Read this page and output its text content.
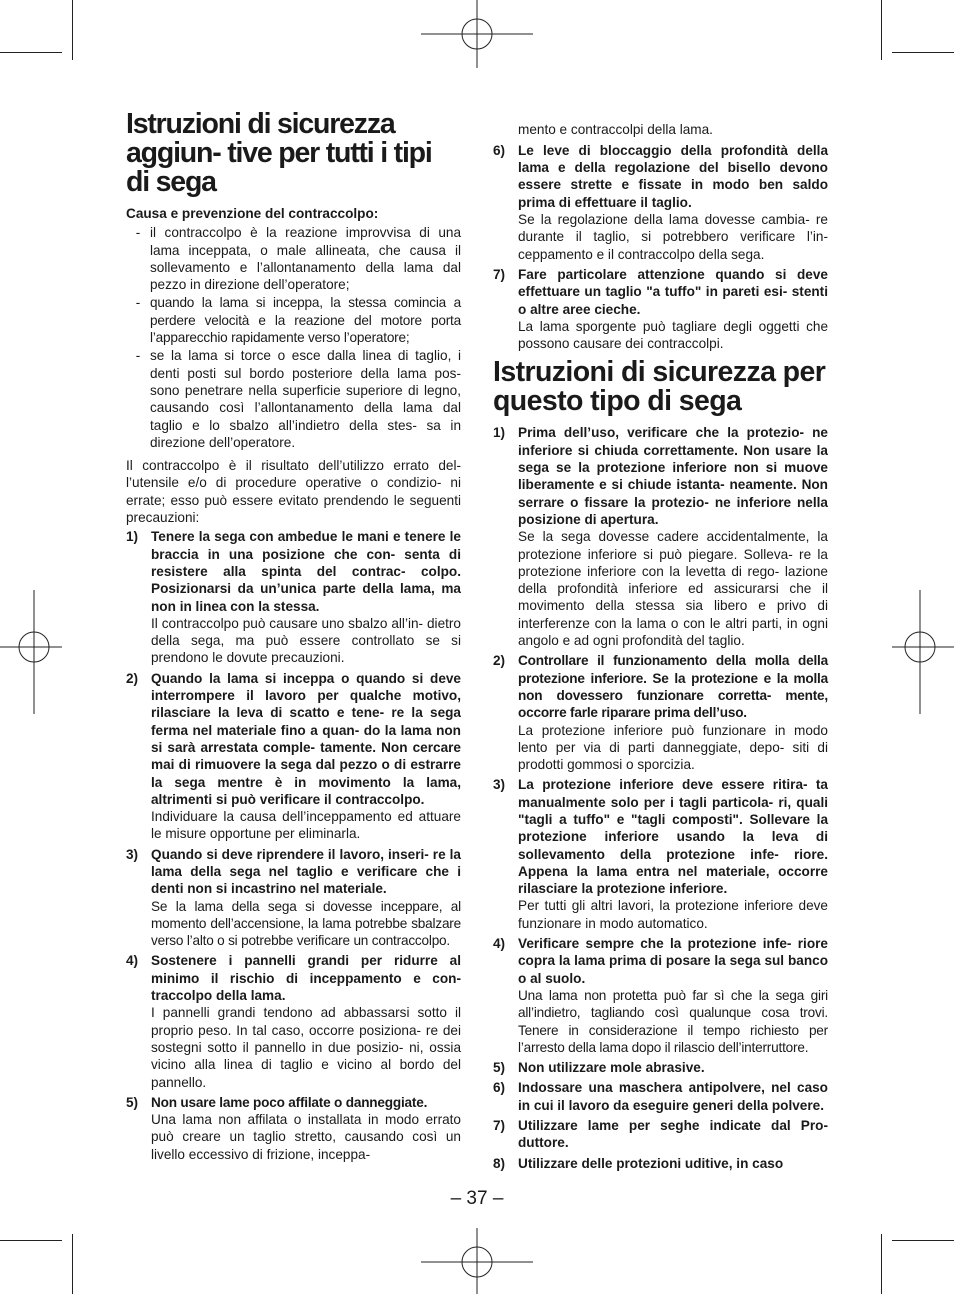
Istruzioni di sicurezza aggiun- tive per tutti i tipi di sega

Causa e prevenzione del contraccolpo:

- il contraccolpo è la reazione improvvisa di una lama inceppata, o male allineata, che causa il sollevamento e l’allontanamento della lama dal pezzo in direzione dell’operatore;
- quando la lama si inceppa, la stessa comincia a perdere velocità e la reazione del motore porta l’apparecchio rapidamente verso l’operatore;
- se la lama si torce o esce dalla linea di taglio, i denti posti sul bordo posteriore della lama pos- sono penetrare nella superficie superiore di legno, causando così l’allontanamento della lama dal taglio e lo sbalzo all’indietro della stes- sa in direzione dell’operatore.

Il contraccolpo è il risultato dell’utilizzo errato del- l’utensile e/o di procedure operative o condizio- ni errate; esso può essere evitato prendendo le seguenti precauzioni:

1) Tenere la sega con ambedue le mani e tenere le braccia in una posizione che con- senta di resistere alla spinta del contrac- colpo. Posizionarsi da un’unica parte della lama, ma non in linea con la stessa.

Il contraccolpo può causare uno sbalzo all’in- dietro della sega, ma può essere controllato se si prendono le dovute precauzioni.

2) Quando la lama si inceppa o quando si deve interrompere il lavoro per qualche motivo, rilasciare la leva di scatto e tene- re la sega ferma nel materiale fino a quan- do la lama non si sarà arrestata comple- tamente. Non cercare mai di rimuovere la sega dal pezzo o di estrarre la sega mentre è in movimento la lama, altrimenti si può verificare il contraccolpo.

Individuare la causa dell’inceppamento ed attuare le misure opportune per eliminarla.

3) Quando si deve riprendere il lavoro, inseri- re la lama della sega nel taglio e verificare che i denti non si incastrino nel materiale.

Se la lama della sega si dovesse inceppare, al momento dell’accensione, la lama potrebbe sbalzare verso l’alto o si potrebbe verificare un contraccolpo.

4) Sostenere i pannelli grandi per ridurre al minimo il rischio di inceppamento e con- traccolpo della lama.

I pannelli grandi tendono ad abbassarsi sotto il proprio peso. In tal caso, occorre posiziona- re dei sostegni sotto il pannello in due posizio- ni, ossia vicino alla linea di taglio e vicino al bordo del pannello.

5) Non usare lame poco affilate o danneggiate.

Una lama non affilata o installata in modo errato può creare un taglio stretto, causando così un livello eccessivo di frizione, inceppa-

mento e contraccolpi della lama.

6) Le leve di bloccaggio della profondità della lama e della regolazione del bisello devono essere strette e fissate in modo ben saldo prima di effettuare il taglio.

Se la regolazione della lama dovesse cambia- re durante il taglio, si potrebbero verificare l’in- ceppamento e il contraccolpo della sega.

7) Fare particolare attenzione quando si deve effettuare un taglio "a tuffo" in pareti esi- stenti o altre aree cieche.

La lama sporgente può tagliare degli oggetti che possono causare dei contraccolpi.

Istruzioni di sicurezza per questo tipo di sega
1) Prima dell’uso, verificare che la protezio- ne inferiore si chiuda correttamente. Non usare la sega se la protezione inferiore non si muove liberamente e si chiude istanta- neamente. Non serrare o fissare la protezio- ne inferiore nella posizione di apertura.

Se la sega dovesse cadere accidentalmente, la protezione inferiore si può piegare. Solleva- re la protezione inferiore con la levetta di rego- lazione della profondità inferiore ed assicurarsi che il movimento della stessa sia libero e privo di interferenze con la lama o con le altri parti, in ogni angolo e ad ogni profondità del taglio.

2) Controllare il funzionamento della molla della protezione inferiore. Se la protezione e la molla non dovessero funzionare corretta- mente, occorre farle riparare prima dell’uso.

La protezione inferiore può funzionare in modo lento per via di parti danneggiate, depo- siti di prodotti gommosi o sporcizia.

3) La protezione inferiore deve essere ritira- ta manualmente solo per i tagli particola- ri, quali "tagli a tuffo" e "tagli composti". Sollevare la protezione inferiore usando la leva di sollevamento della protezione infe- riore. Appena la lama entra nel materiale, occorre rilasciare la protezione inferiore.

Per tutti gli altri lavori, la protezione inferiore deve funzionare in modo automatico.

4) Verificare sempre che la protezione infe- riore copra la lama prima di posare la sega sul banco o al suolo.

Una lama non protetta può far sì che la sega giri all’indietro, tagliando così qualunque cosa trovi. Tenere in considerazione il tempo richiesto per l’arresto della lama dopo il rilascio dell’interruttore.

5) Non utilizzare mole abrasive.

6) Indossare una maschera antipolvere, nel caso in cui il lavoro da eseguire generi della polvere.

7) Utilizzare lame per seghe indicate dal Pro- duttore.

8) Utilizzare delle protezioni uditive, in caso

– 37 –
